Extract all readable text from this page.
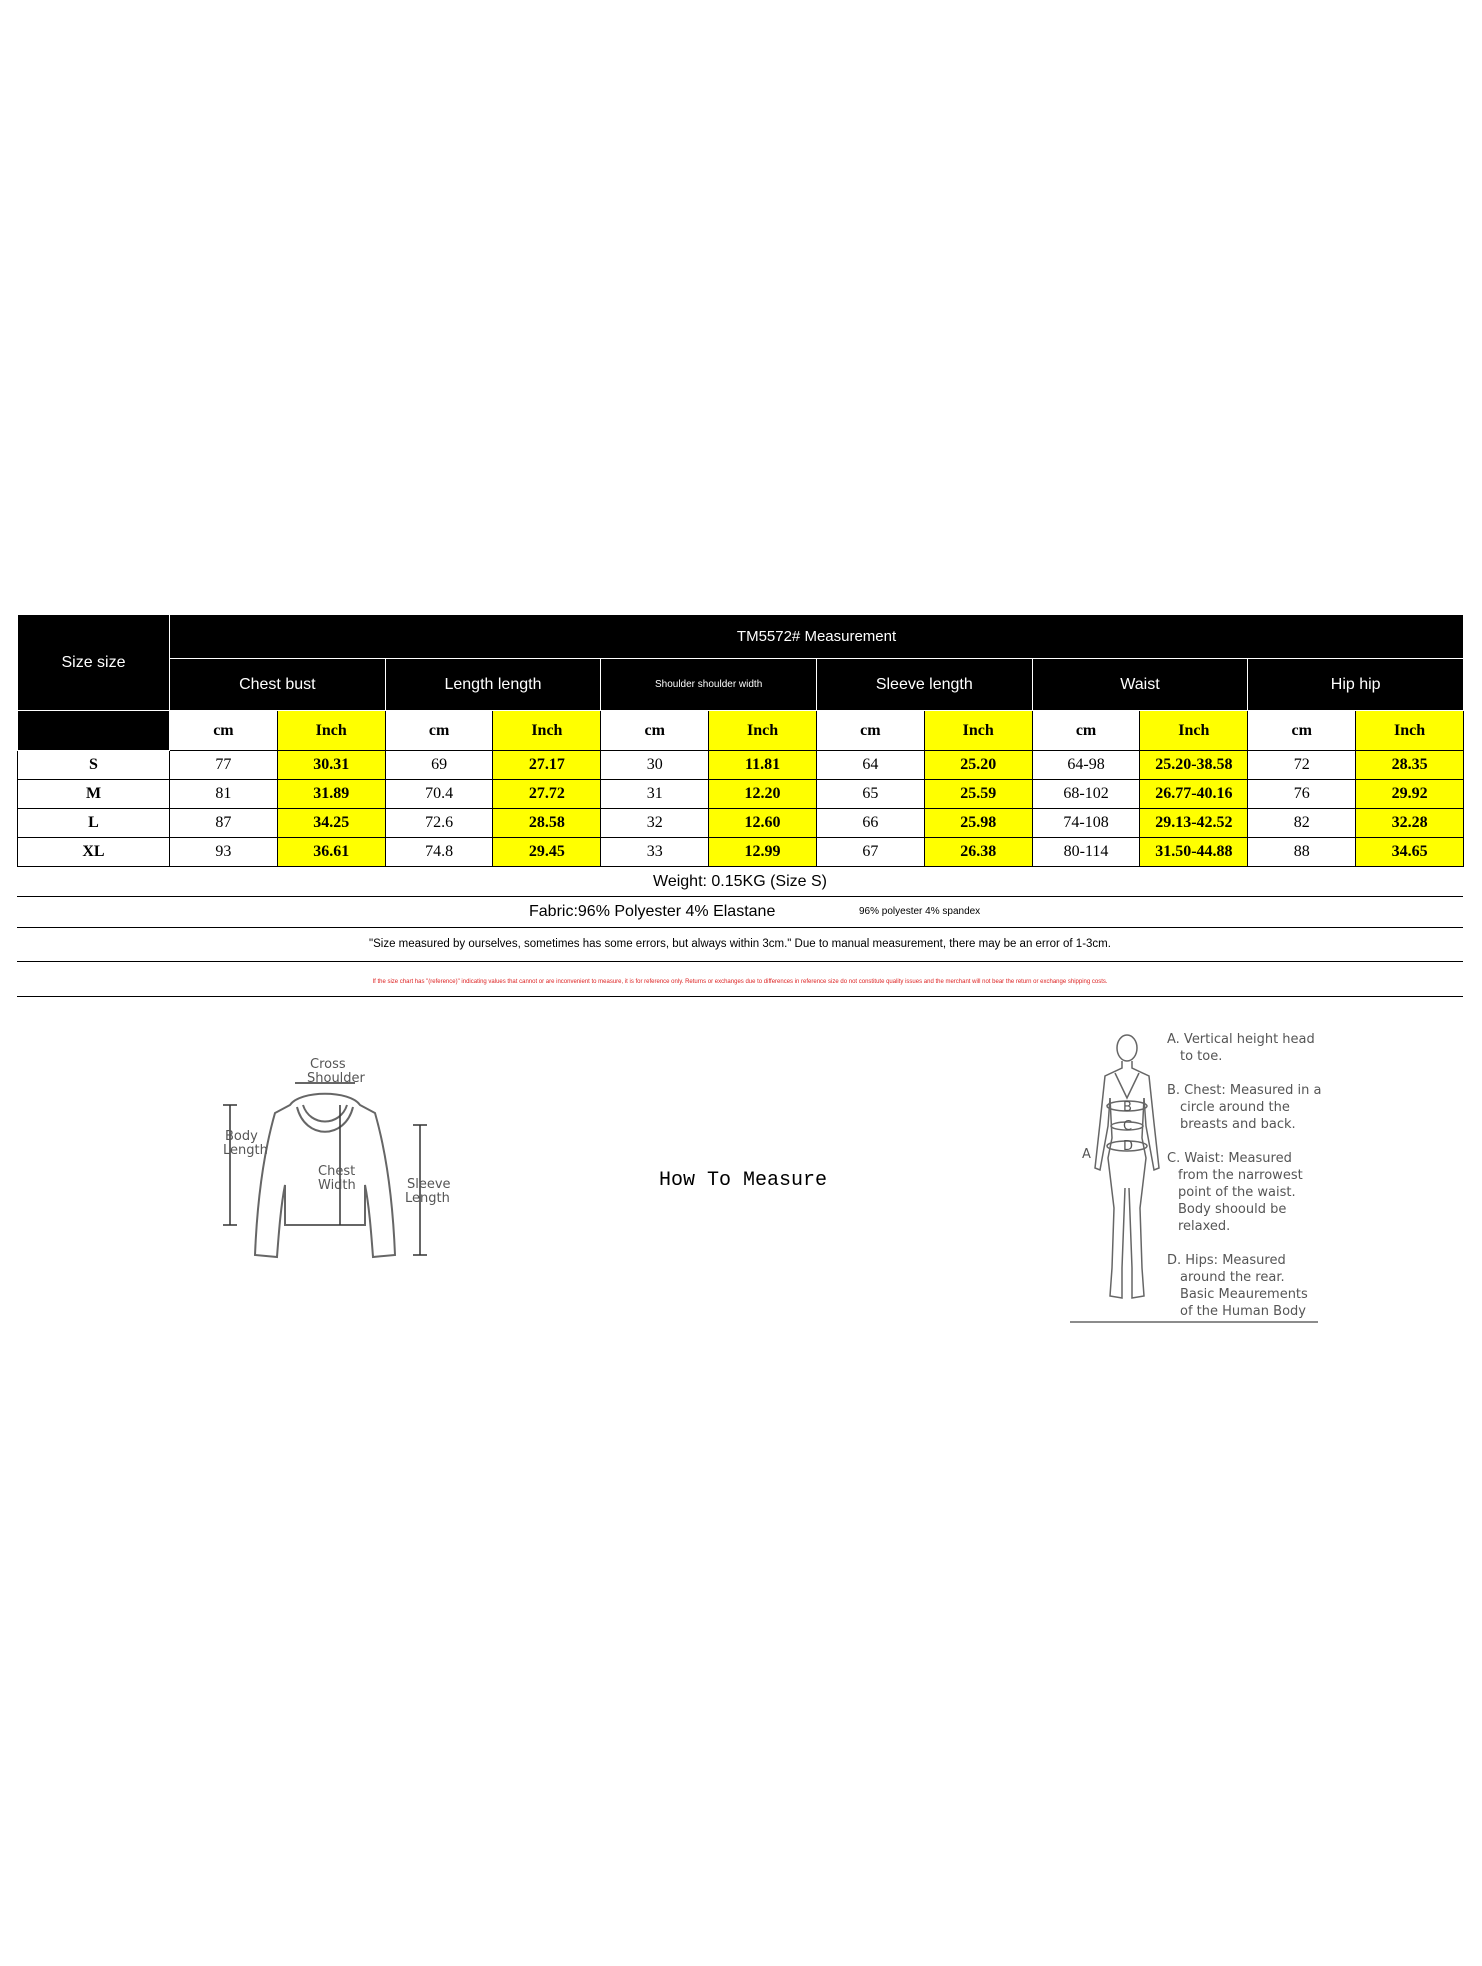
Size size	TM5572# Measurement											
	Chest bust		Length length		Shoulder shoulder width		Sleeve length		Waist		Hip hip	
	cm	Inch	cm	Inch	cm	Inch	cm	Inch	cm	Inch	cm	Inch
S	77	30.31	69	27.17	30	11.81	64	25.20	64-98	25.20-38.58	72	28.35
M	81	31.89	70.4	27.72	31	12.20	65	25.59	68-102	26.77-40.16	76	29.92
L	87	34.25	72.6	28.58	32	12.60	66	25.98	74-108	29.13-42.52	82	32.28
XL	93	36.61	74.8	29.45	33	12.99	67	26.38	80-114	31.50-44.88	88	34.65
Weight: 0.15KG (Size S)
Fabric:96% Polyester 4% Elastane	96% polyester 4% spandex
"Size measured by ourselves, sometimes has some errors, but always within 3cm." Due to manual measurement, there may be an error of 1-3cm.
If the size chart has "(reference)" indicating values that cannot or are inconvenient to measure, it is for reference only. Returns or exchanges due to differences in reference size do not constitute quality issues and the merchant will not bear the return or exchange shipping costs.
Cross
Shoulder
Body
Length
Chest
Width	Sleeve
Length
How To Measure
B
C
D
A
A. Vertical height head
to toe.
B. Chest: Measured in a
circle around the
breasts and back.
C. Waist: Measured
from the narrowest
point of the waist.
Body shoould be
relaxed.
D. Hips: Measured
around the rear.
Basic Meaurements
of the Human Body
